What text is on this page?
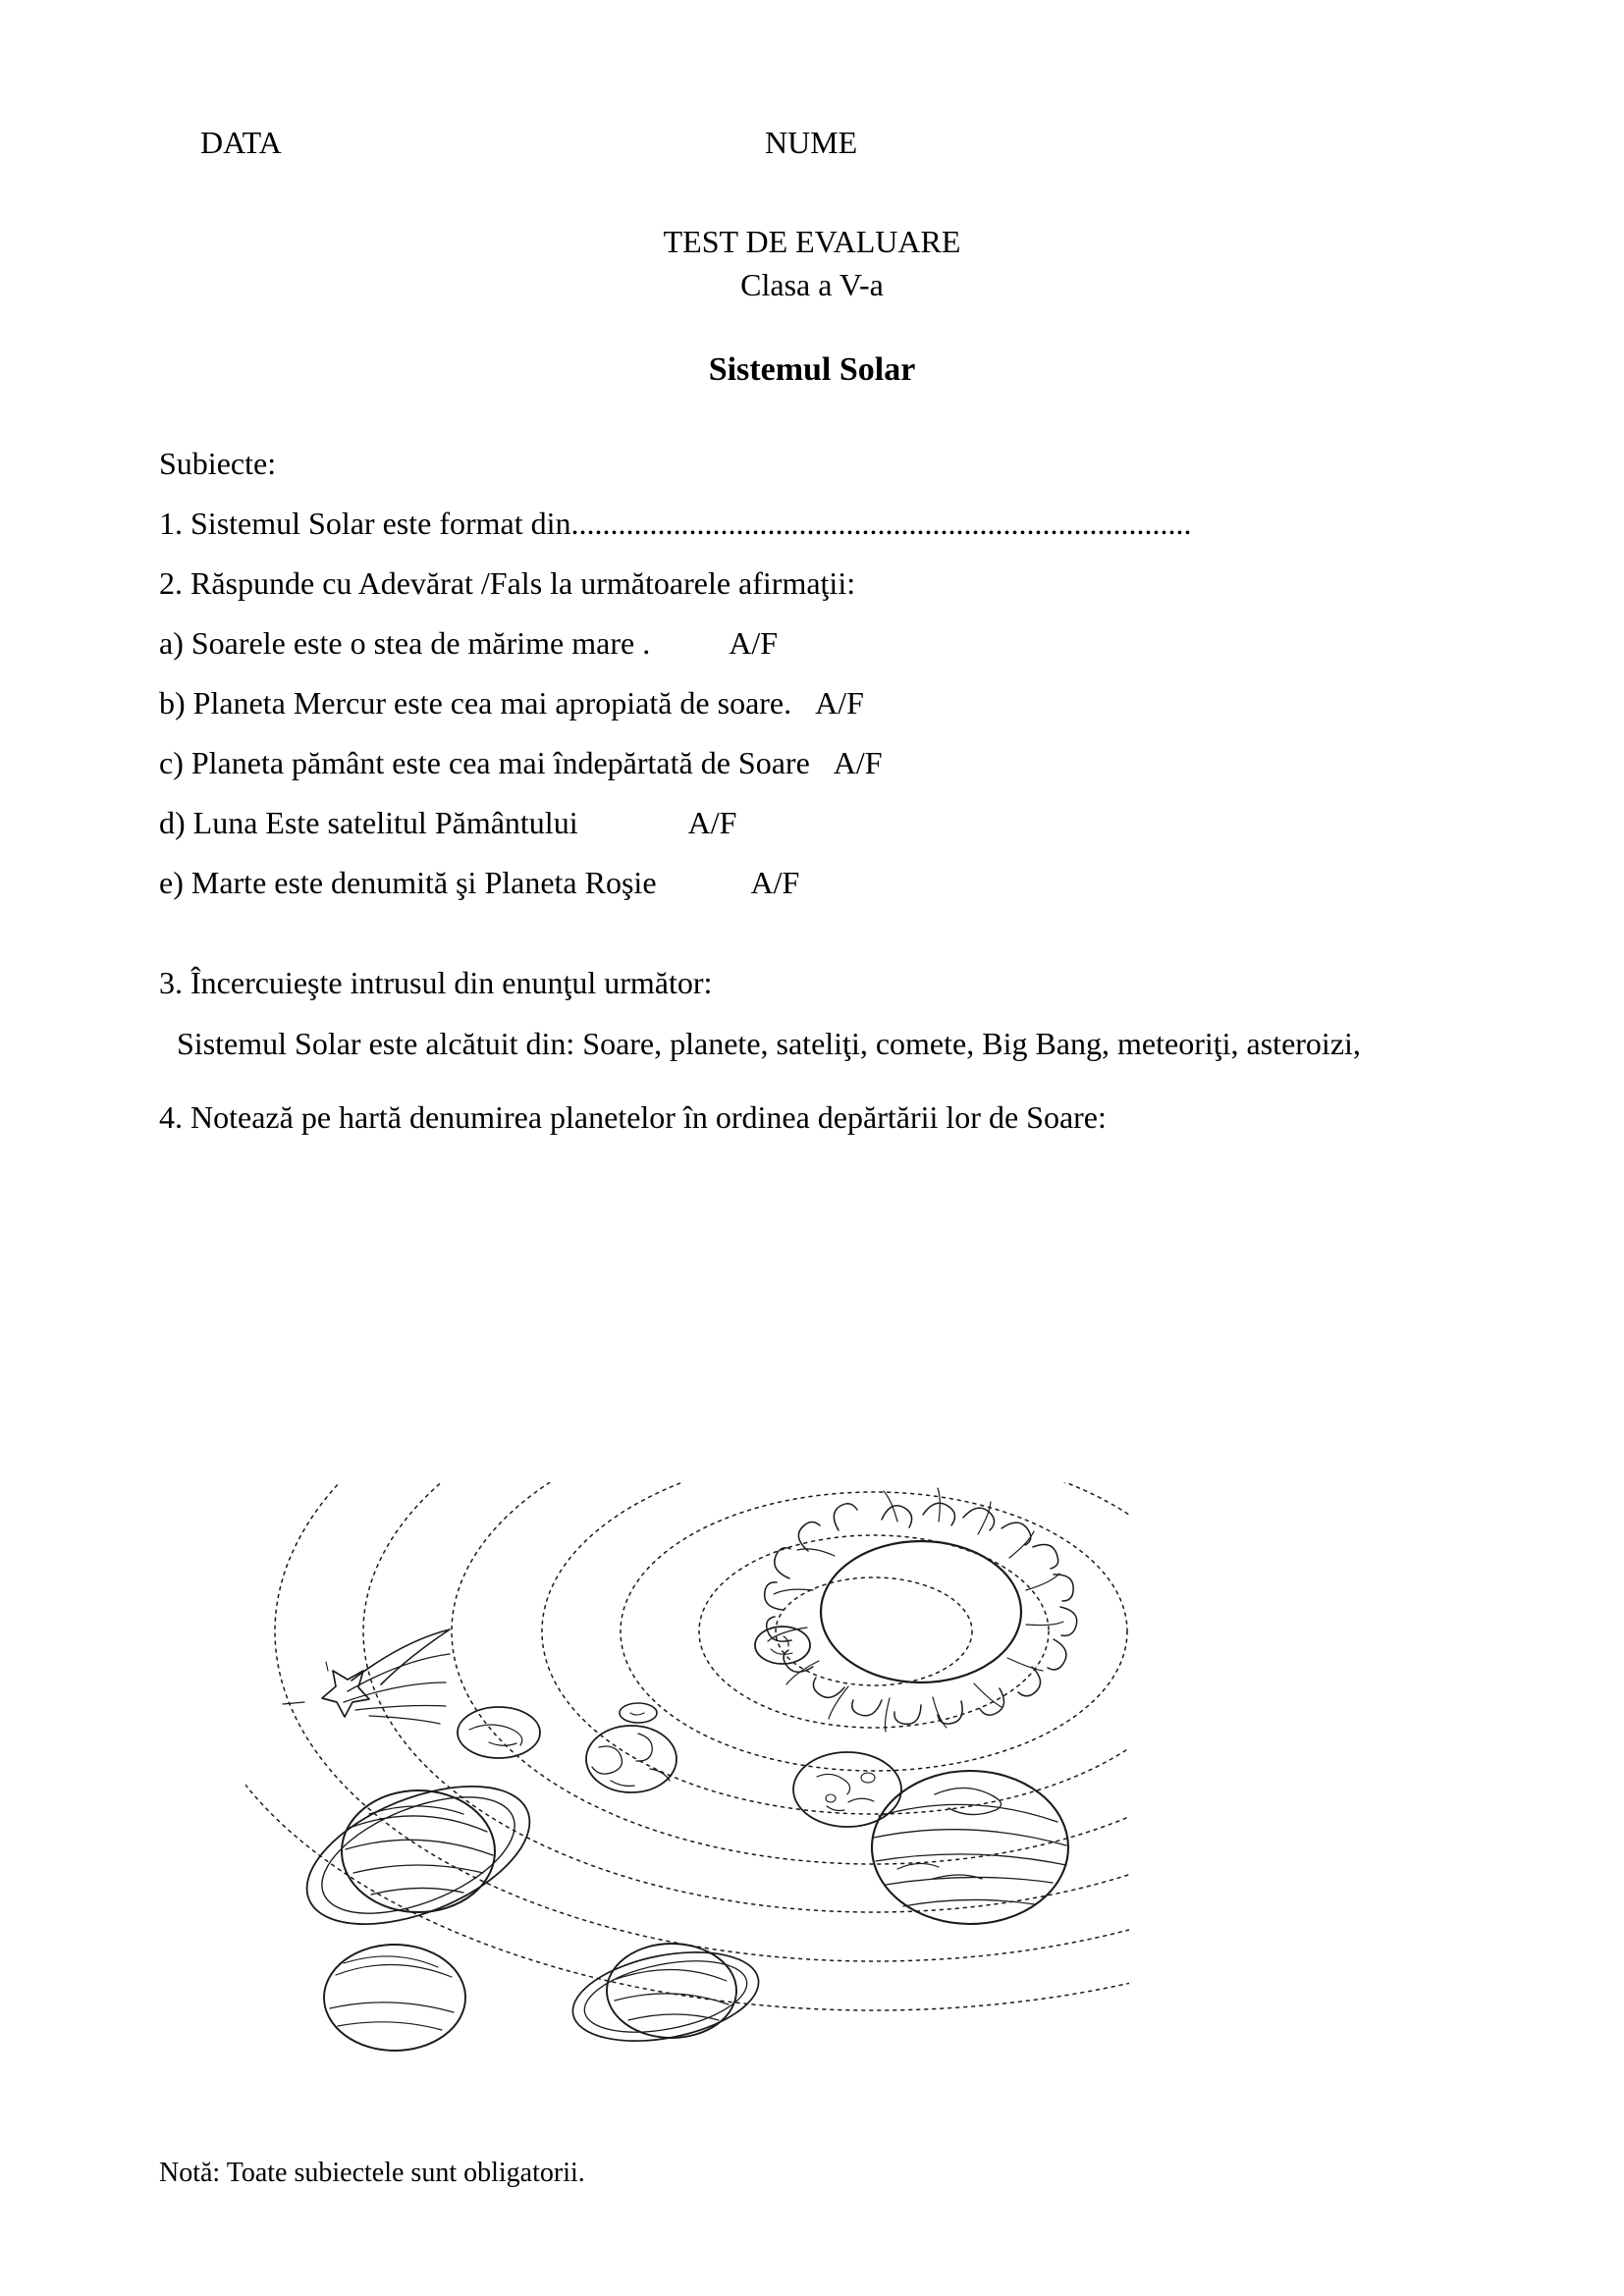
DATA	NUME
TEST DE EVALUARE
Clasa a V-a
Sistemul Solar
Subiecte:
1. Sistemul Solar este format din...............................................................................
2. Răspunde cu Adevărat /Fals la următoarele afirmaţii:
a) Soarele este o stea de mărime mare .	A/F
b) Planeta Mercur este cea mai apropiată de soare. A/F
c) Planeta pământ este cea mai îndepărtată de Soare A/F
d) Luna Este satelitul Pământului	A/F
e) Marte este denumită şi Planeta Roşie	A/F
3. Încercuieşte intrusul din enunţul următor:
Sistemul Solar este alcătuit din: Soare, planete, sateliţi, comete, Big Bang, meteoriţi, asteroizi,
4. Notează pe hartă denumirea planetelor în ordinea depărtării lor de Soare:
Notă: Toate subiectele sunt obligatorii.
